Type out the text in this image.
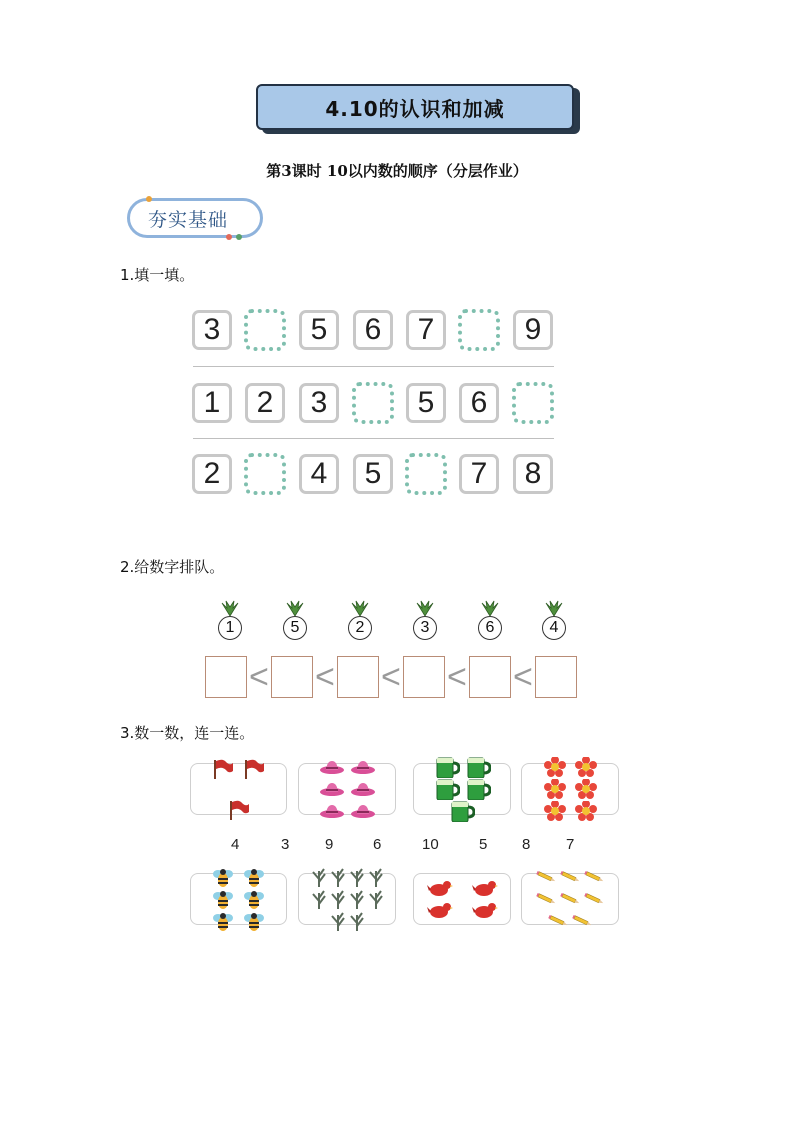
4.10的认识和加减
第3课时 10以内数的顺序（分层作业）
夯实基础
1.填一填。
3	5 6 7	9
1 2 3	5 6
2	4 5	7 8
2.给数字排队。
1	5	2	3	6	4
< < < < <
3.数一数，连一连。
4	3 9	6	10	5 8 7
